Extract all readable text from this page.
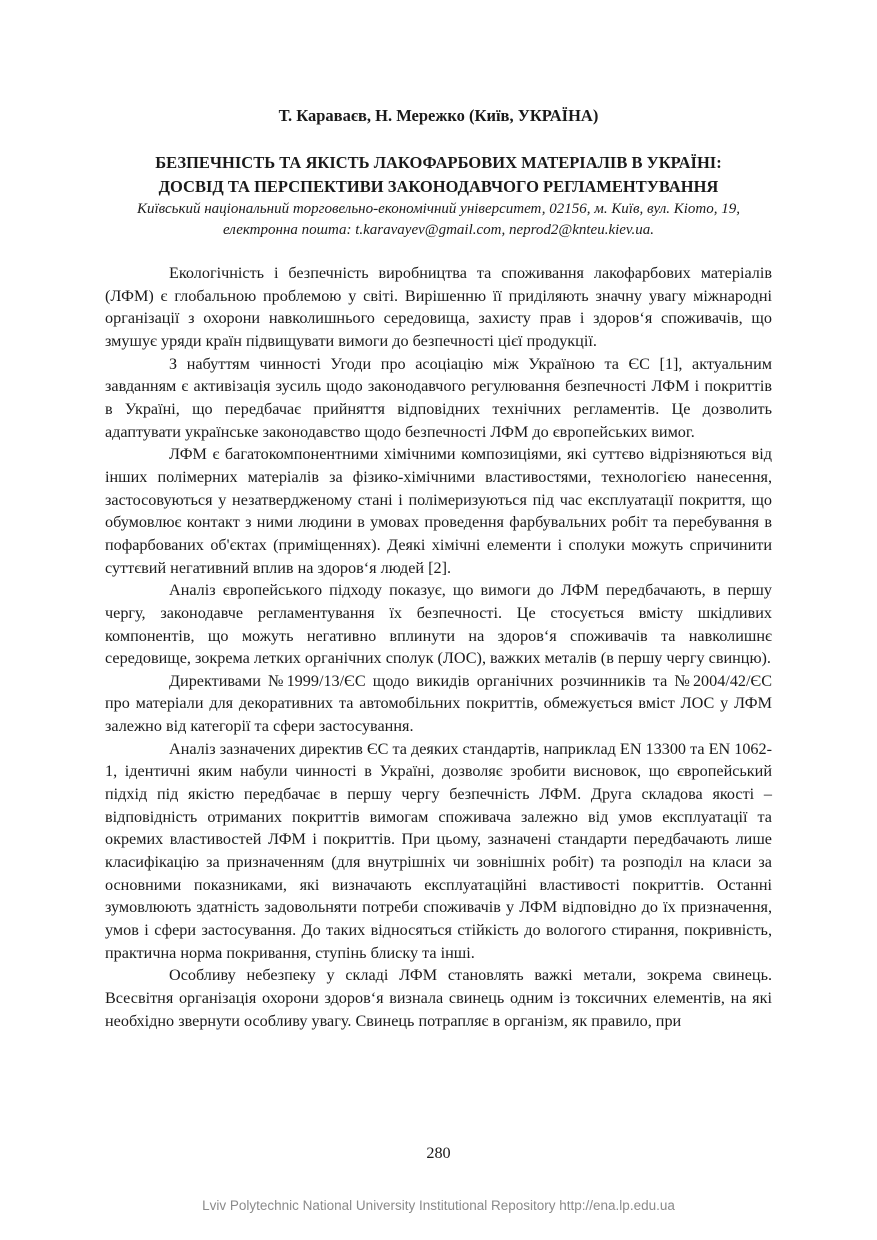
Т. Караваєв, Н. Мережко (Київ, УКРАЇНА)
БЕЗПЕЧНІСТЬ ТА ЯКІСТЬ ЛАКОФАРБОВИХ МАТЕРІАЛІВ В УКРАЇНІ:
ДОСВІД ТА ПЕРСПЕКТИВИ ЗАКОНОДАВЧОГО РЕГЛАМЕНТУВАННЯ
Київський національний торговельно-економічний університет, 02156, м. Київ, вул. Кіото, 19,
електронна пошта: t.karavayev@gmail.com, neprod2@knteu.kiev.ua.

Екологічність і безпечність виробництва та споживання лакофарбових матеріалів (ЛФМ) є глобальною проблемою у світі. Вирішенню її приділяють значну увагу міжнародні організації з охорони навколишнього середовища, захисту прав і здоров‘я споживачів, що змушує уряди країн підвищувати вимоги до безпечності цієї продукції.

З набуттям чинності Угоди про асоціацію між Україною та ЄС [1], актуальним завданням є активізація зусиль щодо законодавчого регулювання безпечності ЛФМ і покриттів в Україні, що передбачає прийняття відповідних технічних регламентів. Це дозволить адаптувати українське законодавство щодо безпечності ЛФМ до європейських вимог.

ЛФМ є багатокомпонентними хімічними композиціями, які суттєво відрізняються від інших полімерних матеріалів за фізико-хімічними властивостями, технологією нанесення, застосовуються у незатвердженому стані і полімеризуються під час експлуатації покриття, що обумовлює контакт з ними людини в умовах проведення фарбувальних робіт та перебування в пофарбованих об'єктах (приміщеннях). Деякі хімічні елементи і сполуки можуть спричинити суттєвий негативний вплив на здоров‘я людей [2].

Аналіз європейського підходу показує, що вимоги до ЛФМ передбачають, в першу чергу, законодавче регламентування їх безпечності. Це стосується вмісту шкідливих компонентів, що можуть негативно вплинути на здоров‘я споживачів та навколишнє середовище, зокрема летких органічних сполук (ЛОС), важких металів (в першу чергу свинцю).

Директивами №1999/13/ЄС щодо викидів органічних розчинників та №2004/42/ЄС про матеріали для декоративних та автомобільних покриттів, обмежується вміст ЛОС у ЛФМ залежно від категорії та сфери застосування.

Аналіз зазначених директив ЄС та деяких стандартів, наприклад EN 13300 та EN 1062-1, ідентичні яким набули чинності в Україні, дозволяє зробити висновок, що європейський підхід під якістю передбачає в першу чергу безпечність ЛФМ. Друга складова якості – відповідність отриманих покриттів вимогам споживача залежно від умов експлуатації та окремих властивостей ЛФМ і покриттів. При цьому, зазначені стандарти передбачають лише класифікацію за призначенням (для внутрішніх чи зовнішніх робіт) та розподіл на класи за основними показниками, які визначають експлуатаційні властивості покриттів. Останні зумовлюють здатність задовольняти потреби споживачів у ЛФМ відповідно до їх призначення, умов і сфери застосування. До таких відносяться стійкість до вологого стирання, покривність, практична норма покривання, ступінь блиску та інші.

Особливу небезпеку у складі ЛФМ становлять важкі метали, зокрема свинець. Всесвітня організація охорони здоров‘я визнала свинець одним із токсичних елементів, на які необхідно звернути особливу увагу. Свинець потрапляє в організм, як правило, при

280
Lviv Polytechnic National University Institutional Repository http://ena.lp.edu.ua
